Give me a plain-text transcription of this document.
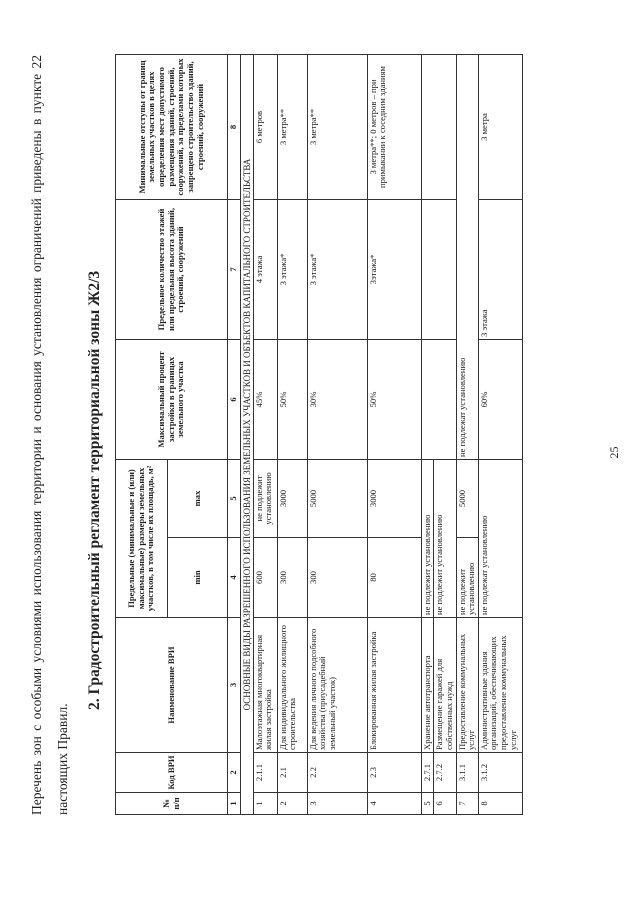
25
Перечень зон с особыми условиями использования территории и основания установления ограничений приведены в пункте 22 настоящих Правил.
2. Градостроительный регламент территориальной зоны Ж2/3
№ п/п	Код ВРИ	Наименование ВРИ	Предельные (минимальные и (или) максимальные) размеры земельных участков, в том числе их площадь, м²		Максимальный процент застройки в границах земельного участка	Предельное количество этажей или предельная высота зданий, строений, сооружений	Минимальные отступы от границ земельных участков в целях определения мест допустимого размещения зданий, строений, сооружений, за пределами которых запрещено строительство зданий, строений, сооружений
			min	max			
1	2	3	4	5	6	7	8
ОСНОВНЫЕ ВИДЫ РАЗРЕШЕННОГО ИСПОЛЬЗОВАНИЯ ЗЕМЕЛЬНЫХ УЧАСТКОВ И ОБЪЕКТОВ КАПИТАЛЬНОГО СТРОИТЕЛЬСТВА							
1	2.1.1	Малоэтажная многоквартирная жилая застройка	600	не подлежит установлению	45%	4 этажа	6 метров
2	2.1	Для индивидуального жилищного строительства	300	3000	50%	3 этажа*	3 метра**
3	2.2	Для ведения личного подсобного хозяйства (приусадебный земельный участок)	300	5000	30%	3 этажа*	3 метра**
4	2.3	Блокированная жилая застройка	80	3000	50%	3этажа*	3 метра**; 0 метров – при примыкании к соседним зданиям
5	2.7.1	Хранение автотранспорта	не подлежит установлению				
6	2.7.2	Размещение гаражей для собственных нужд	не подлежит установлению				
7	3.1.1	Предоставление коммунальных услуг	не подлежит установлению	5000	не подлежат установлению		
8	3.1.2	Административные здания организаций, обеспечивающих предоставление коммунальных услуг	не подлежат установлению		60%	3 этажа	3 метра
